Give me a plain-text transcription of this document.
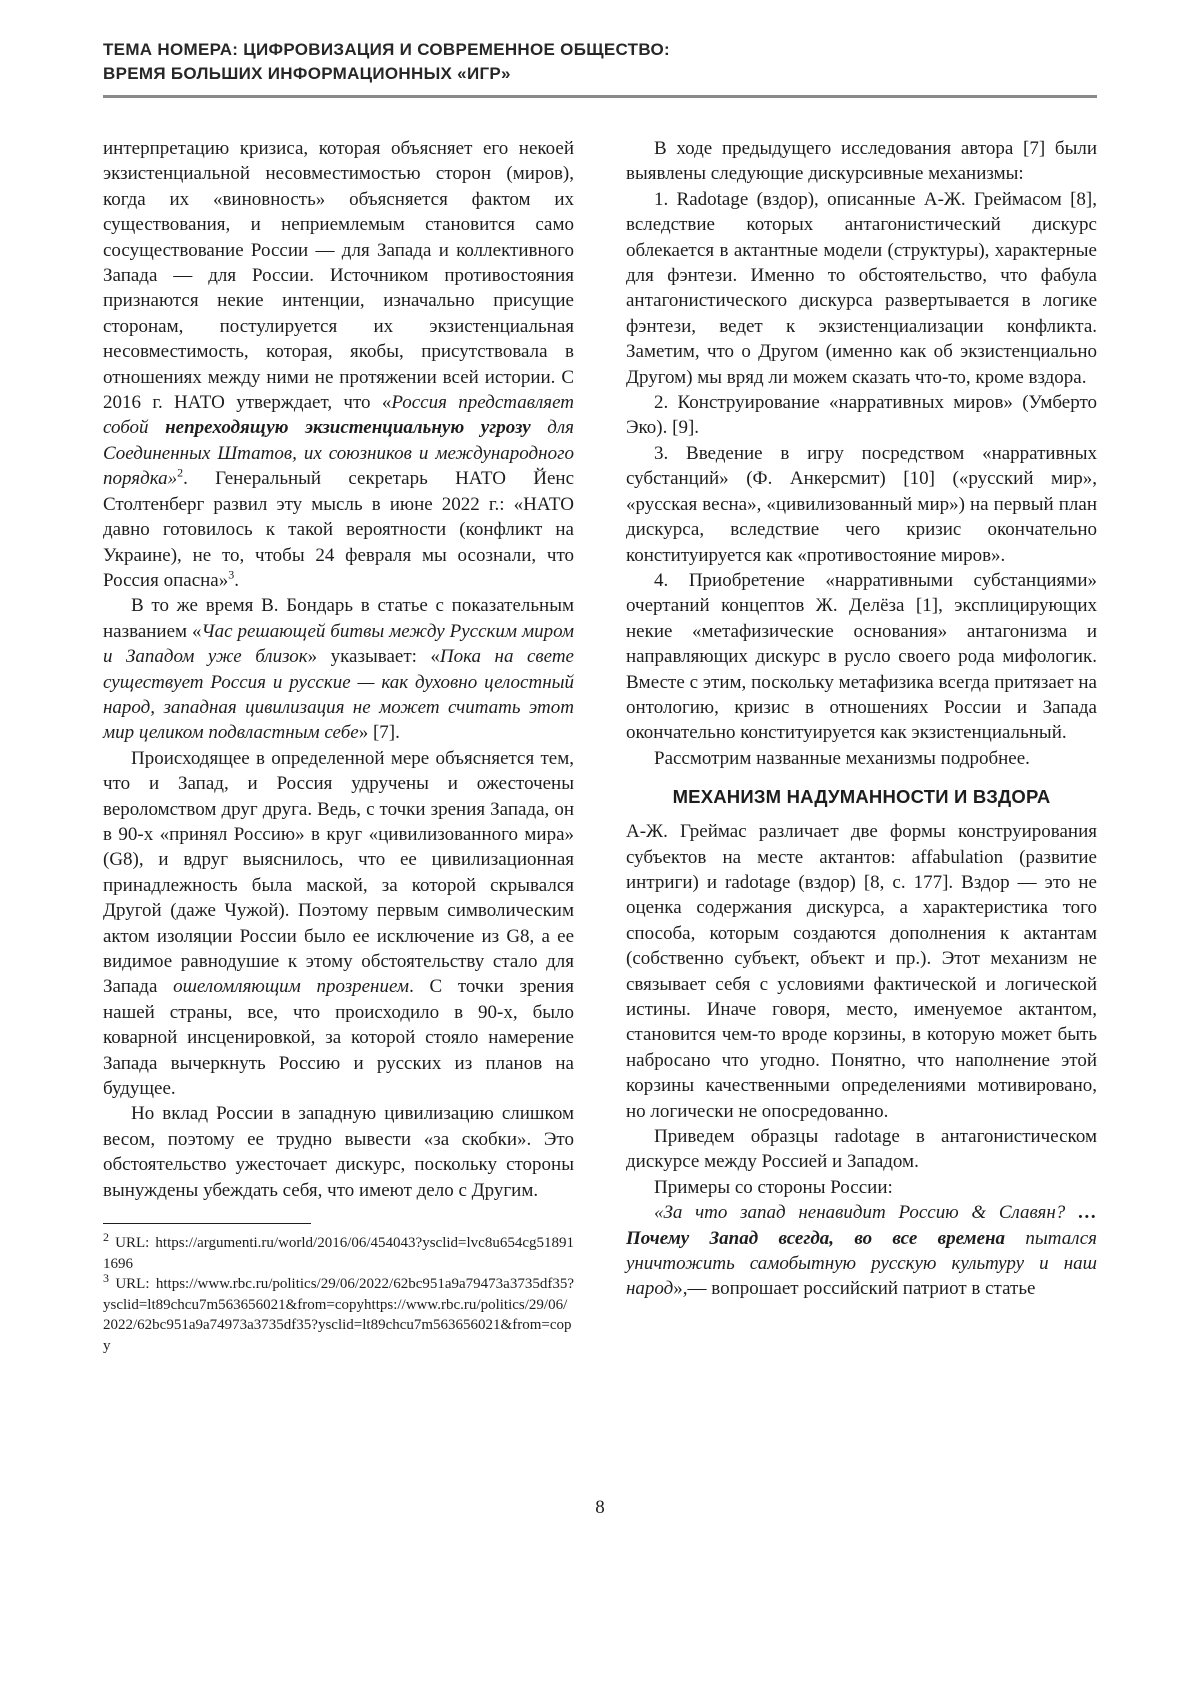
ТЕМА НОМЕРА: ЦИФРОВИЗАЦИЯ И СОВРЕМЕННОЕ ОБЩЕСТВО:
ВРЕМЯ БОЛЬШИХ ИНФОРМАЦИОННЫХ «ИГР»

интерпретацию кризиса, которая объясняет его некоей экзистенциальной несовместимостью сторон (миров), когда их «виновность» объясняется фактом их существования, и неприемлемым становится само сосуществование России — для Запада и коллективного Запада — для России. Источником противостояния признаются некие интенции, изначально присущие сторонам, постулируется их экзистенциальная несовместимость, которая, якобы, присутствовала в отношениях между ними не протяжении всей истории. С 2016 г. НАТО утверждает, что «Россия представляет собой непреходящую экзистенциальную угрозу для Соединенных Штатов, их союзников и международного порядка»$^2$. Генеральный секретарь НАТО Йенс Столтенберг развил эту мысль в июне 2022 г.: «НАТО давно готовилось к такой вероятности (конфликт на Украине), не то, чтобы 24 февраля мы осознали, что Россия опасна»$^3$.

В то же время В. Бондарь в статье с показательным названием «Час решающей битвы между Русским миром и Западом уже близок» указывает: «Пока на свете существует Россия и русские — как духовно целостный народ, западная цивилизация не может считать этот мир целиком подвластным себе» [7].

Происходящее в определенной мере объясняется тем, что и Запад, и Россия удручены и ожесточены вероломством друг друга. Ведь, с точки зрения Запада, он в 90-х «принял Россию» в круг «цивилизованного мира» (G8), и вдруг выяснилось, что ее цивилизационная принадлежность была маской, за которой скрывался Другой (даже Чужой). Поэтому первым символическим актом изоляции России было ее исключение из G8, а ее видимое равнодушие к этому обстоятельству стало для Запада ошеломляющим прозрением. С точки зрения нашей страны, все, что происходило в 90-х, было коварной инсценировкой, за которой стояло намерение Запада вычеркнуть Россию и русских из планов на будущее.

Но вклад России в западную цивилизацию слишком весом, поэтому ее трудно вывести «за скобки». Это обстоятельство ужесточает дискурс, поскольку стороны вынуждены убеждать себя, что имеют дело с Другим.

$^2$ URL: https://argumenti.ru/world/2016/06/454043?ysclid=lvc8u654cg518911696

$^3$ URL: https://www.rbc.ru/politics/29/06/2022/62bc951a9a79473a3735df35?ysclid=lt89chcu7m563656021&from=copyhttps://www.rbc.ru/politics/29/06/2022/62bc951a9a74973a3735df35?ysclid=lt89chcu7m563656021&from=copy

В ходе предыдущего исследования автора [7] были выявлены следующие дискурсивные механизмы:

1. Radotage (вздор), описанные А-Ж. Греймасом [8], вследствие которых антагонистический дискурс облекается в актантные модели (структуры), характерные для фэнтези. Именно то обстоятельство, что фабула антагонистического дискурса развертывается в логике фэнтези, ведет к экзистенциализации конфликта. Заметим, что о Другом (именно как об экзистенциально Другом) мы вряд ли можем сказать что-то, кроме вздора.

2. Конструирование «нарративных миров» (Умберто Эко). [9].

3. Введение в игру посредством «нарративных субстанций» (Ф. Анкерсмит) [10] («русский мир», «русская весна», «цивилизованный мир») на первый план дискурса, вследствие чего кризис окончательно конституируется как «противостояние миров».

4. Приобретение «нарративными субстанциями» очертаний концептов Ж. Делёза [1], эксплицирующих некие «метафизические основания» антагонизма и направляющих дискурс в русло своего рода мифологик. Вместе с этим, поскольку метафизика всегда притязает на онтологию, кризис в отношениях России и Запада окончательно конституируется как экзистенциальный.

Рассмотрим названные механизмы подробнее.

МЕХАНИЗМ НАДУМАННОСТИ И ВЗДОРА

А-Ж. Греймас различает две формы конструирования субъектов на месте актантов: affabulation (развитие интриги) и radotage (вздор) [8, с. 177]. Вздор — это не оценка содержания дискурса, а характеристика того способа, которым создаются дополнения к актантам (собственно субъект, объект и пр.). Этот механизм не связывает себя с условиями фактической и логической истины. Иначе говоря, место, именуемое актантом, становится чем-то вроде корзины, в которую может быть набросано что угодно. Понятно, что наполнение этой корзины качественными определениями мотивировано, но логически не опосредованно.

Приведем образцы radotage в антагонистическом дискурсе между Россией и Западом.

Примеры со стороны России:

«За что запад ненавидит Россию & Славян? … Почему Запад всегда, во все времена пытался уничтожить самобытную русскую культуру и наш народ»,— вопрошает российский патриот в статье

8
